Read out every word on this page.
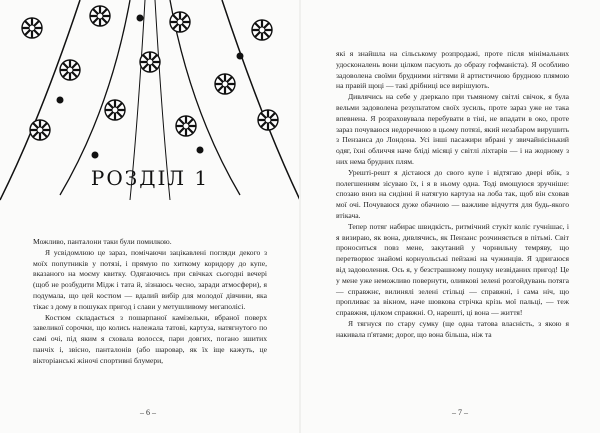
РОЗДІЛ 1

Можливо, панталони таки були помилкою.

Я усвідомлюю це зараз, помічаючи зацікавлені погляди декого з моїх попутників у потязі, і прямую по хиткому коридору до купе, вказаного на моєму квитку. Одягаючись при свічках сьогодні вечері (щоб не розбудити Мідж і тата й, зізнаюсь чесно, заради атмосфери), я подумала, що цей костюм — вдалий вибір для молодої дівчини, яка тікає з дому в пошуках пригод і слави у метушливому мегаполісі.

Костюм складається з пошарпаної камізельки, вбраної поверх завеликої сорочки, що колись належала татові, картуза, натягнутого по самі очі, під яким я сховала волосся, пари довгих, погано зшитих панчіх і, звісно, панталонів (або шаровар, як їх іще кажуть, це вікторіанські жіночі спортивні блумери,

– 6 –	– 7 –

які я знайшла на сільському розпродажі, проте після мінімальних удосконалень вони цілком пасують до образу гофманіста). Я особливо задоволена своїми брудними нігтями й артистичною брудною плямою на правій щоці — такі дрібниці все вирішують.

Дивлячись на себе у дзеркало при тьмяному світлі свічок, я була вельми задоволена результатом своїх зусиль, проте зараз уже не така впевнена. Я розраховувала перебувати в тіні, не впадати в око, проте зараз почуваюся недоречною в цьому потязі, який незабаром вирушить з Пензанса до Лондона. Усі інші пасажири вбрані у звичайнісінький одяг, їхні обличчя наче бліді місяці у світлі ліхтарів — і на жодному з них нема брудних плям.

Урешті-решт я дістаюся до свого купе і відтягаю двері вбік, з полегшенням зісуваю їх, і я в ньому одна. Тоді вмощуюся зручніше: спозаю вниз на сидінні й натягую картуза на лоба так, щоб він сховав мої очі. Почуваюся дуже обачною — важливе відчуття для будь-якого втікача.

Тепер потяг набирає швидкість, ритмічний стукіт коліс гучнішає, і я визираю, як вона, дивлячись, як Пензанс розчиняється в пітьмі. Світ проноситься повз мене, закутаний у чорнильну темряву, що перетворює знайомі корнуольські пейзажі на чужинців. Я здригаюся від задоволення. Ось я, у безстрашному пошуку незвіданих пригод! Це у мене уже неможливо повернути, оливкові зелені розгойдувань потяга — справжнє, вилинялі зелені стільці — справжні, і сама ніч, що пропливає за вікном, наче шовкова стрічка крізь мої пальці, — теж справжня, цілком справжні. О, нарешті, ці вона — життя!

Я тягнуся по стару сумку (ще одна татова власність, з якою я накивала п'ятами; дорог, що вона більша, ніж та
